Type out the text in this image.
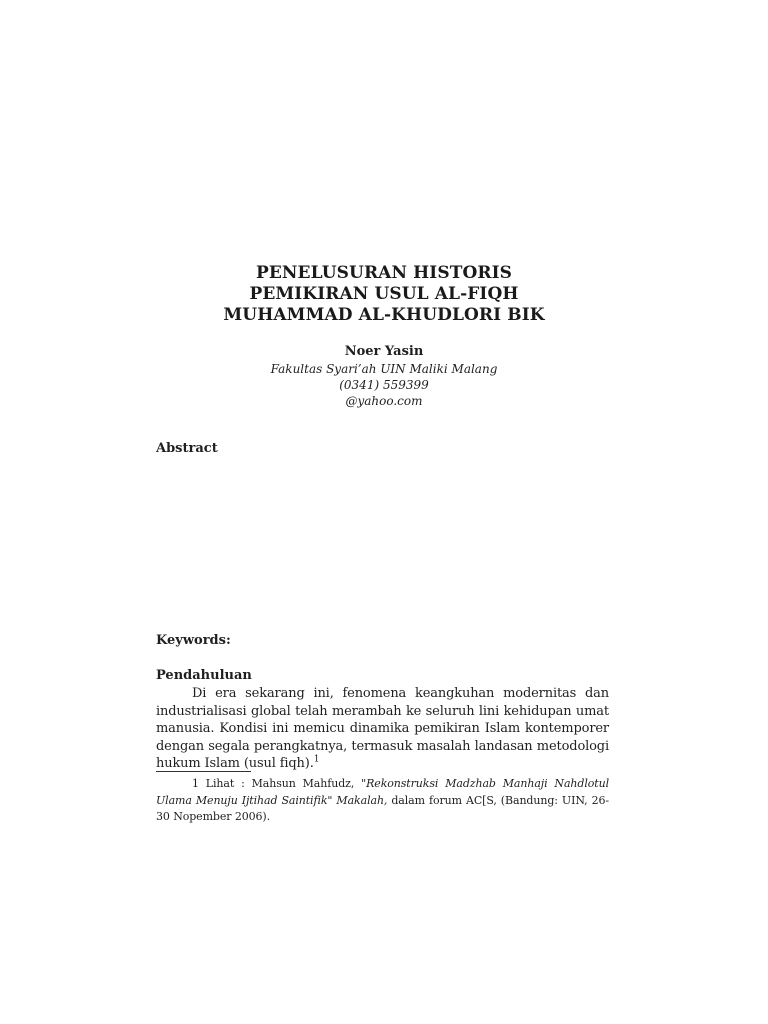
PENELUSURAN HISTORIS
PEMIKIRAN USUL AL-FIQH
MUHAMMAD AL-KHUDLORI BIK
Noer Yasin
Fakultas Syari’ah UIN Maliki Malang
(0341) 559399
@yahoo.com
Abstract
Keywords:
Pendahuluan
Di era sekarang ini, fenomena keangkuhan modernitas dan industrialisasi global telah merambah ke seluruh lini kehidupan umat manusia. Kondisi ini memicu dinamika pemikiran Islam kontemporer dengan segala perangkatnya, termasuk masalah landasan metodologi hukum Islam (usul fiqh).$^1$
1 Lihat : Mahsun Mahfudz, "Rekonstruksi Madzhab Manhaji Nahdlotul Ulama Menuju Ijtihad Saintifik" Makalah, dalam forum AC[S, (Bandung: UIN, 26-30 Nopember 2006).
